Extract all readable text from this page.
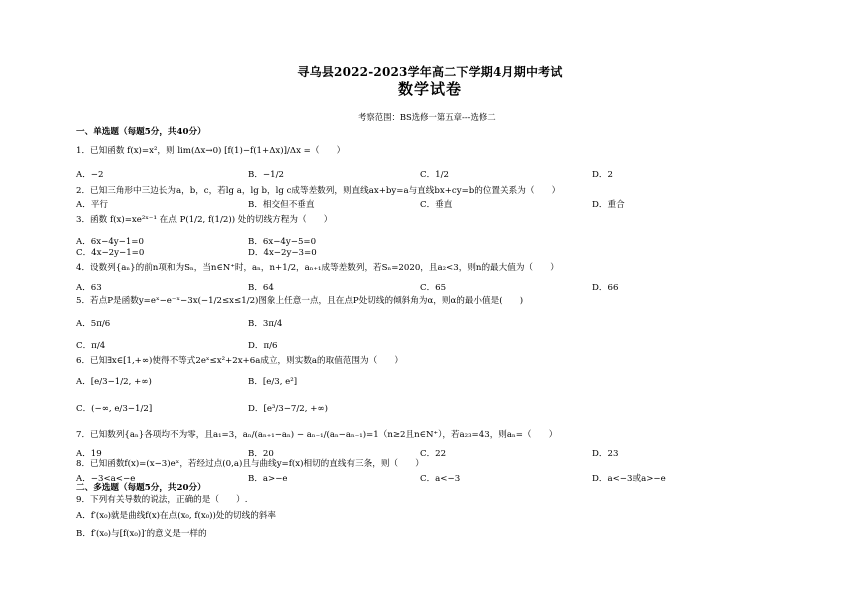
寻乌县2022-2023学年高二下学期4月期中考试
数学试卷
考察范围：BS选修一第五章---选修二
一、单选题（每题5分，共40分）
1．已知函数 f(x)=x²，则 lim(Δx→0) [f(1)−f(1+Δx)]/Δx =（　　）
A．−2	B．−1/2	C．1/2	D．2
2．已知三角形中三边长为a，b，c，若lg a，lg b，lg c成等差数列，则直线ax+by=a与直线bx+cy=b的位置关系为（　　）
A．平行	B．相交但不垂直	C．垂直	D．重合
3．函数 f(x)=xe²ˣ⁻¹ 在点 P(1/2, f(1/2)) 处的切线方程为（　　）
A．6x−4y−1=0	B．6x−4y−5=0
C．4x−2y−1=0	D．4x−2y−3=0
4．设数列{aₙ}的前n项和为Sₙ，当n∈N⁺时，aₙ，n+1/2，aₙ₊₁成等差数列，若Sₙ=2020，且a₂<3，则n的最大值为（　　）
A．63	B．64	C．65	D．66
5．若点P是函数y=eˣ−e⁻ˣ−3x(−1/2≤x≤1/2)图象上任意一点，且在点P处切线的倾斜角为α，则α的最小值是(　　)
A．5π/6	B．3π/4
C．π/4	D．π/6
6．已知∃x∈[1,+∞)使得不等式2eˣ≤x²+2x+6a成立，则实数a的取值范围为（　　）
A．[e/3−1/2, +∞)	B．[e/3, e²]
C．(−∞, e/3−1/2]	D．[e³/3−7/2, +∞)
7．已知数列{aₙ}各项均不为零，且a₁=3，aₙ/(aₙ₊₁−aₙ) − aₙ₋₁/(aₙ−aₙ₋₁)=1（n≥2且n∈N⁺），若a₂₃=43，则aₙ=（　　）
A．19	B．20	C．22	D．23
8．已知函数f(x)=(x−3)eˣ，若经过点(0,a)且与曲线y=f(x)相切的直线有三条，则（　　）
A．−3<a<−e	B．a>−e	C．a<−3	D．a<−3或a>−e
二、多选题（每题5分，共20分）
9．下列有关导数的说法，正确的是（　　）.
A．f′(x₀)就是曲线f(x)在点(x₀, f(x₀))处的切线的斜率
B．f′(x₀)与[f(x₀)]′的意义是一样的
